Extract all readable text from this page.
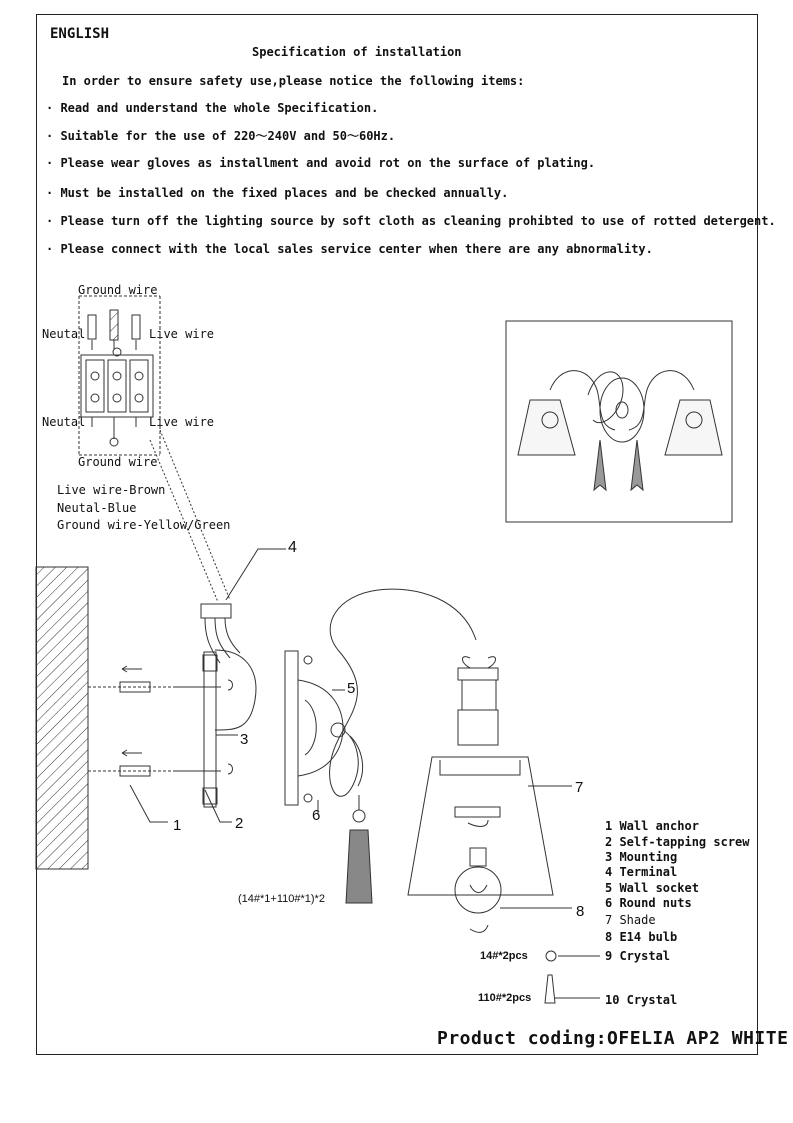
ENGLISH
Specification of installation
In order to ensure safety use,please notice the following items:
· Read and understand the whole Specification.
· Suitable for the use of 220～240V and 50～60Hz.
· Please wear gloves as installment and avoid rot on the surface of plating.
· Must be installed on the fixed places and be checked annually.
· Please turn off the lighting source by soft cloth as cleaning prohibted to use of rotted detergent.
· Please connect with the local sales service center when there are any abnormality.
Ground wire
Neutal	Live wire
Neutal	Live wire
Ground wire
Live wire-Brown
Neutal-Blue
Ground wire-Yellow/Green
4
5
3
6
2
1
7
8
(14#*1+110#*1)*2
14#*2pcs
110#*2pcs
1 Wall anchor
2 Self-tapping screw
3 Mounting
4 Terminal
5 Wall socket
6 Round nuts
7 Shade
8 E14 bulb
9 Crystal
10 Crystal
Product coding:OFELIA AP2 WHITE
